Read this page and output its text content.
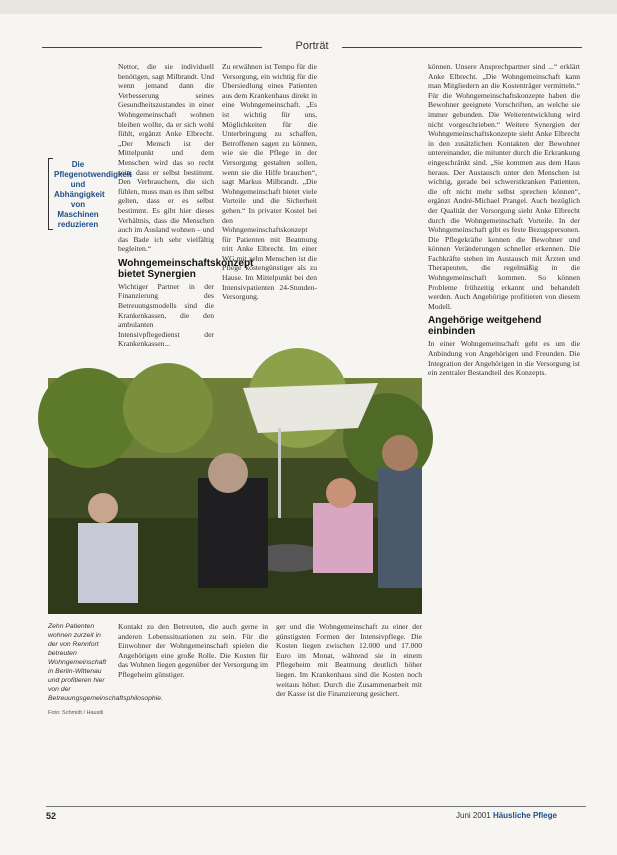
Porträt
Die Pflegenotwendigkeit und Abhängigkeit von Maschinen reduzieren

Nettor, die sie individuell benötigen, sagt Milbrandt. Und wenn jemand dann die Verbesserung seines Gesundheitszustandes in einer Wohngemeinschaft wohnen bleiben wollte, da er sich wohl fühlt, ergänzt Anke Elbrecht. „Der Mensch ist der Mittelpunkt und dem Menschen wird das so recht sein, dass er selbst bestimmt. Den Verbrauchern, die sich fühlen, muss man es ihm selbst gelten, dass er es selbst bestimmt. Es gibt hier dieses Verhältnis, dass die Menschen auch im Ausland wohnen – und das Bade ich sehr vielfältig begleiten.“

Wohngemeinschaftskonzept bietet Synergien

Wichtiger Partner in der Finanzierung des Betreuungsmodells sind die Krankenkassen, die den ambulanten Intensivpflegedienst der Krankenkassen...

Zu erwähnen ist Tempo für die Versorgung, ein wichtig für die Übersiedlung eines Patienten aus dem Krankenhaus direkt in eine Wohngemeinschaft. „Es ist wichtig für uns, Möglichkeiten für die Unterbringung zu schaffen, Betroffenen sagen zu können, wie sie die Pflege in der Versorgung gestalten sollen, wenn sie die Hilfe brauchen“, sagt Markus Milbrandt. „Die Wohngemeinschaft bietet viele Vorteile und die Sicherheit gehen.“ In privater Kostel bei den Wohngemeinschaftskonzept für Patienten mit Beatmung tritt Anke Elbrecht. Im einer WG mit zehn Menschen ist die Pflege kostengünstiger als zu Hause. Im Mittelpunkt bei den Intensivpatienten 24-Stunden-Versorgung.

können. Unsere Ansprechpartner sind ...“ erklärt Anke Elbrecht. „Die Wohngemeinschaft kann man Mitgliedern an die Kostenträger vermitteln.“ Für die Wohngemeinschaftskonzepte haben die Bewohner geeignete Vorschriften, an welche sie immer gebunden. Die Weiterentwicklung wird nicht vorgeschrieben.“ Weitere Synergien der Wohngemeinschaftskonzepte sieht Anke Elbrecht in den zusätzlichen Kontakten der Bewohner untereinander, die mitunter durch die Erkrankung eingeschränkt sind. „Sie kommen aus dem Haus heraus. Der Austausch unter den Menschen ist wichtig, gerade bei schwerstkranken Patienten, die oft nicht mehr selbst sprechen können“, ergänzt André-Michael Prangel. Auch bezüglich der Qualität der Versorgung sieht Anke Elbrecht durch die Wohngemeinschaft Vorteile. In der Wohngemeinschaft gibt es feste Bezugspersonen. Die Pflegekräfte kennen die Bewohner und können Veränderungen schneller erkennen. Die Fachkräfte stehen im Austausch mit Ärzten und Therapeuten, die regelmäßig in die Wohngemeinschaft kommen. So können Probleme frühzeitig erkannt und behandelt werden. Auch Angehörige profitieren von diesem Modell.

Angehörige weitgehend einbinden

In einer Wohngemeinschaft geht es um die Anbindung von Angehörigen und Freunden. Die Integration der Angehörigen in die Versorgung ist ein zentraler Bestandteil des Konzepts.

Zehn Patienten wohnen zurzeit in der von Rennfort betreuten Wohngemeinschaft in Berlin-Wittenau und profitieren hier von der Betreuungsgemeinschaftsphilosophie.
Foto: Schmidt / Haustil

Kontakt zu den Betreuten, die auch gerne in anderen Lebenssituationen zu sein. Für die Einwohner der Wohngemeinschaft spielen die Angehörigen eine große Rolle. Die Kosten für das Wohnen liegen gegenüber der Versorgung im Pflegeheim günstiger.

ger und die Wohngemeinschaft zu einer der günstigsten Formen der Intensivpflege. Die Kosten liegen zwischen 12.000 und 17.000 Euro im Monat, während sie in einem Pflegeheim mit Beatmung deutlich höher liegen. Im Krankenhaus sind die Kosten noch weitaus höher. Durch die Zusammenarbeit mit der Kasse ist die Finanzierung gesichert.

52	Juni 2001 Häusliche Pflege
